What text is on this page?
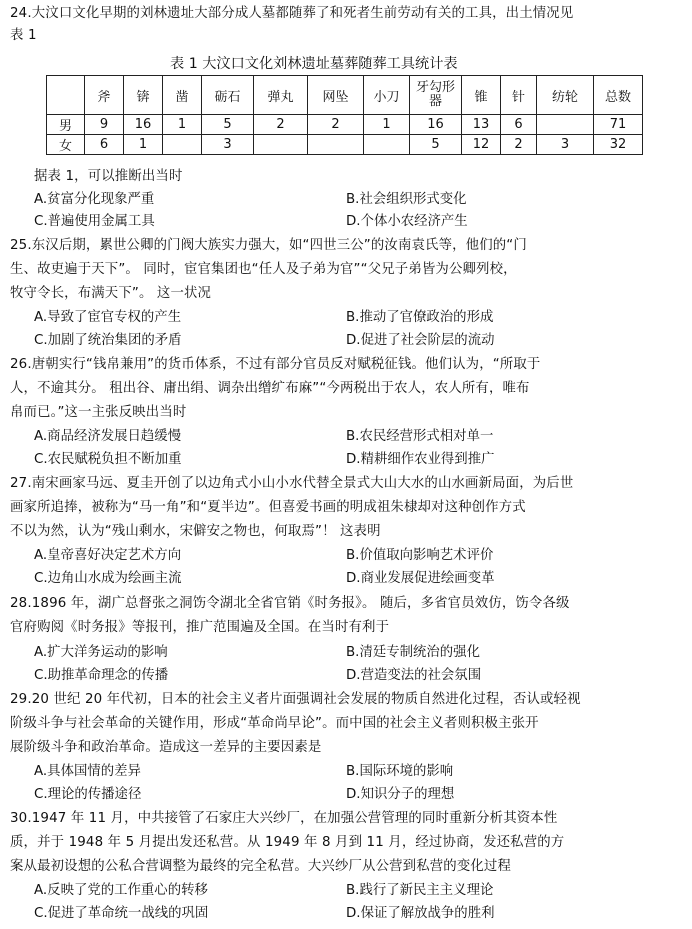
24.大汶口文化早期的刘林遗址大部分成人墓都随葬了和死者生前劳动有关的工具，出土情况见
表 1
表 1 大汶口文化刘林遗址墓葬随葬工具统计表
	斧	锛	凿	砺石	弹丸	网坠	小刀	牙勾形器	锥	针	纺轮	总数
男	9	16	1	5	2	2	1	16	13	6		71
女	6	1		3				5	12	2	3	32
据表 1，可以推断出当时
A.贫富分化现象严重	B.社会组织形式变化
C.普遍使用金属工具	D.个体小农经济产生
25.东汉后期，累世公卿的门阀大族实力强大，如“四世三公”的汝南袁氏等，他们的“门
生、故吏遍于天下”。 同时，宦官集团也“任人及子弟为官”“父兄子弟皆为公卿列校，
牧守令长，布满天下”。 这一状况
A.导致了宦官专权的产生	B.推动了官僚政治的形成
C.加剧了统治集团的矛盾	D.促进了社会阶层的流动
26.唐朝实行“钱帛兼用”的货币体系，不过有部分官员反对赋税征钱。他们认为，“所取于
人，不逾其分。 租出谷、庸出绢、调杂出缯纩布麻”“今两税出于农人，农人所有，唯布
帛而已。”这一主张反映出当时
A.商品经济发展日趋缓慢	B.农民经营形式相对单一
C.农民赋税负担不断加重	D.精耕细作农业得到推广
27.南宋画家马远、夏圭开创了以边角式小山小水代替全景式大山大水的山水画新局面，为后世
画家所追捧，被称为“马一角”和“夏半边”。但喜爱书画的明成祖朱棣却对这种创作方式
不以为然，认为“残山剩水，宋僻安之物也，何取焉”！ 这表明
A.皇帝喜好决定艺术方向	B.价值取向影响艺术评价
C.边角山水成为绘画主流	D.商业发展促进绘画变革
28.1896 年，湖广总督张之洞饬令湖北全省官销《时务报》。 随后，多省官员效仿，饬令各级
官府购阅《时务报》等报刊，推广范围遍及全国。在当时有利于
A.扩大洋务运动的影响	B.清廷专制统治的强化
C.助推革命理念的传播	D.营造变法的社会氛围
29.20 世纪 20 年代初，日本的社会主义者片面强调社会发展的物质自然进化过程，否认或轻视
阶级斗争与社会革命的关键作用，形成“革命尚早论”。而中国的社会主义者则积极主张开
展阶级斗争和政治革命。造成这一差异的主要因素是
A.具体国情的差异	B.国际环境的影响
C.理论的传播途径	D.知识分子的理想
30.1947 年 11 月，中共接管了石家庄大兴纱厂，在加强公营管理的同时重新分析其资本性
质，并于 1948 年 5 月提出发还私营。从 1949 年 8 月到 11 月，经过协商，发还私营的方
案从最初设想的公私合营调整为最终的完全私营。大兴纱厂从公营到私营的变化过程
A.反映了党的工作重心的转移	B.践行了新民主主义理论
C.促进了革命统一战线的巩固	D.保证了解放战争的胜利
